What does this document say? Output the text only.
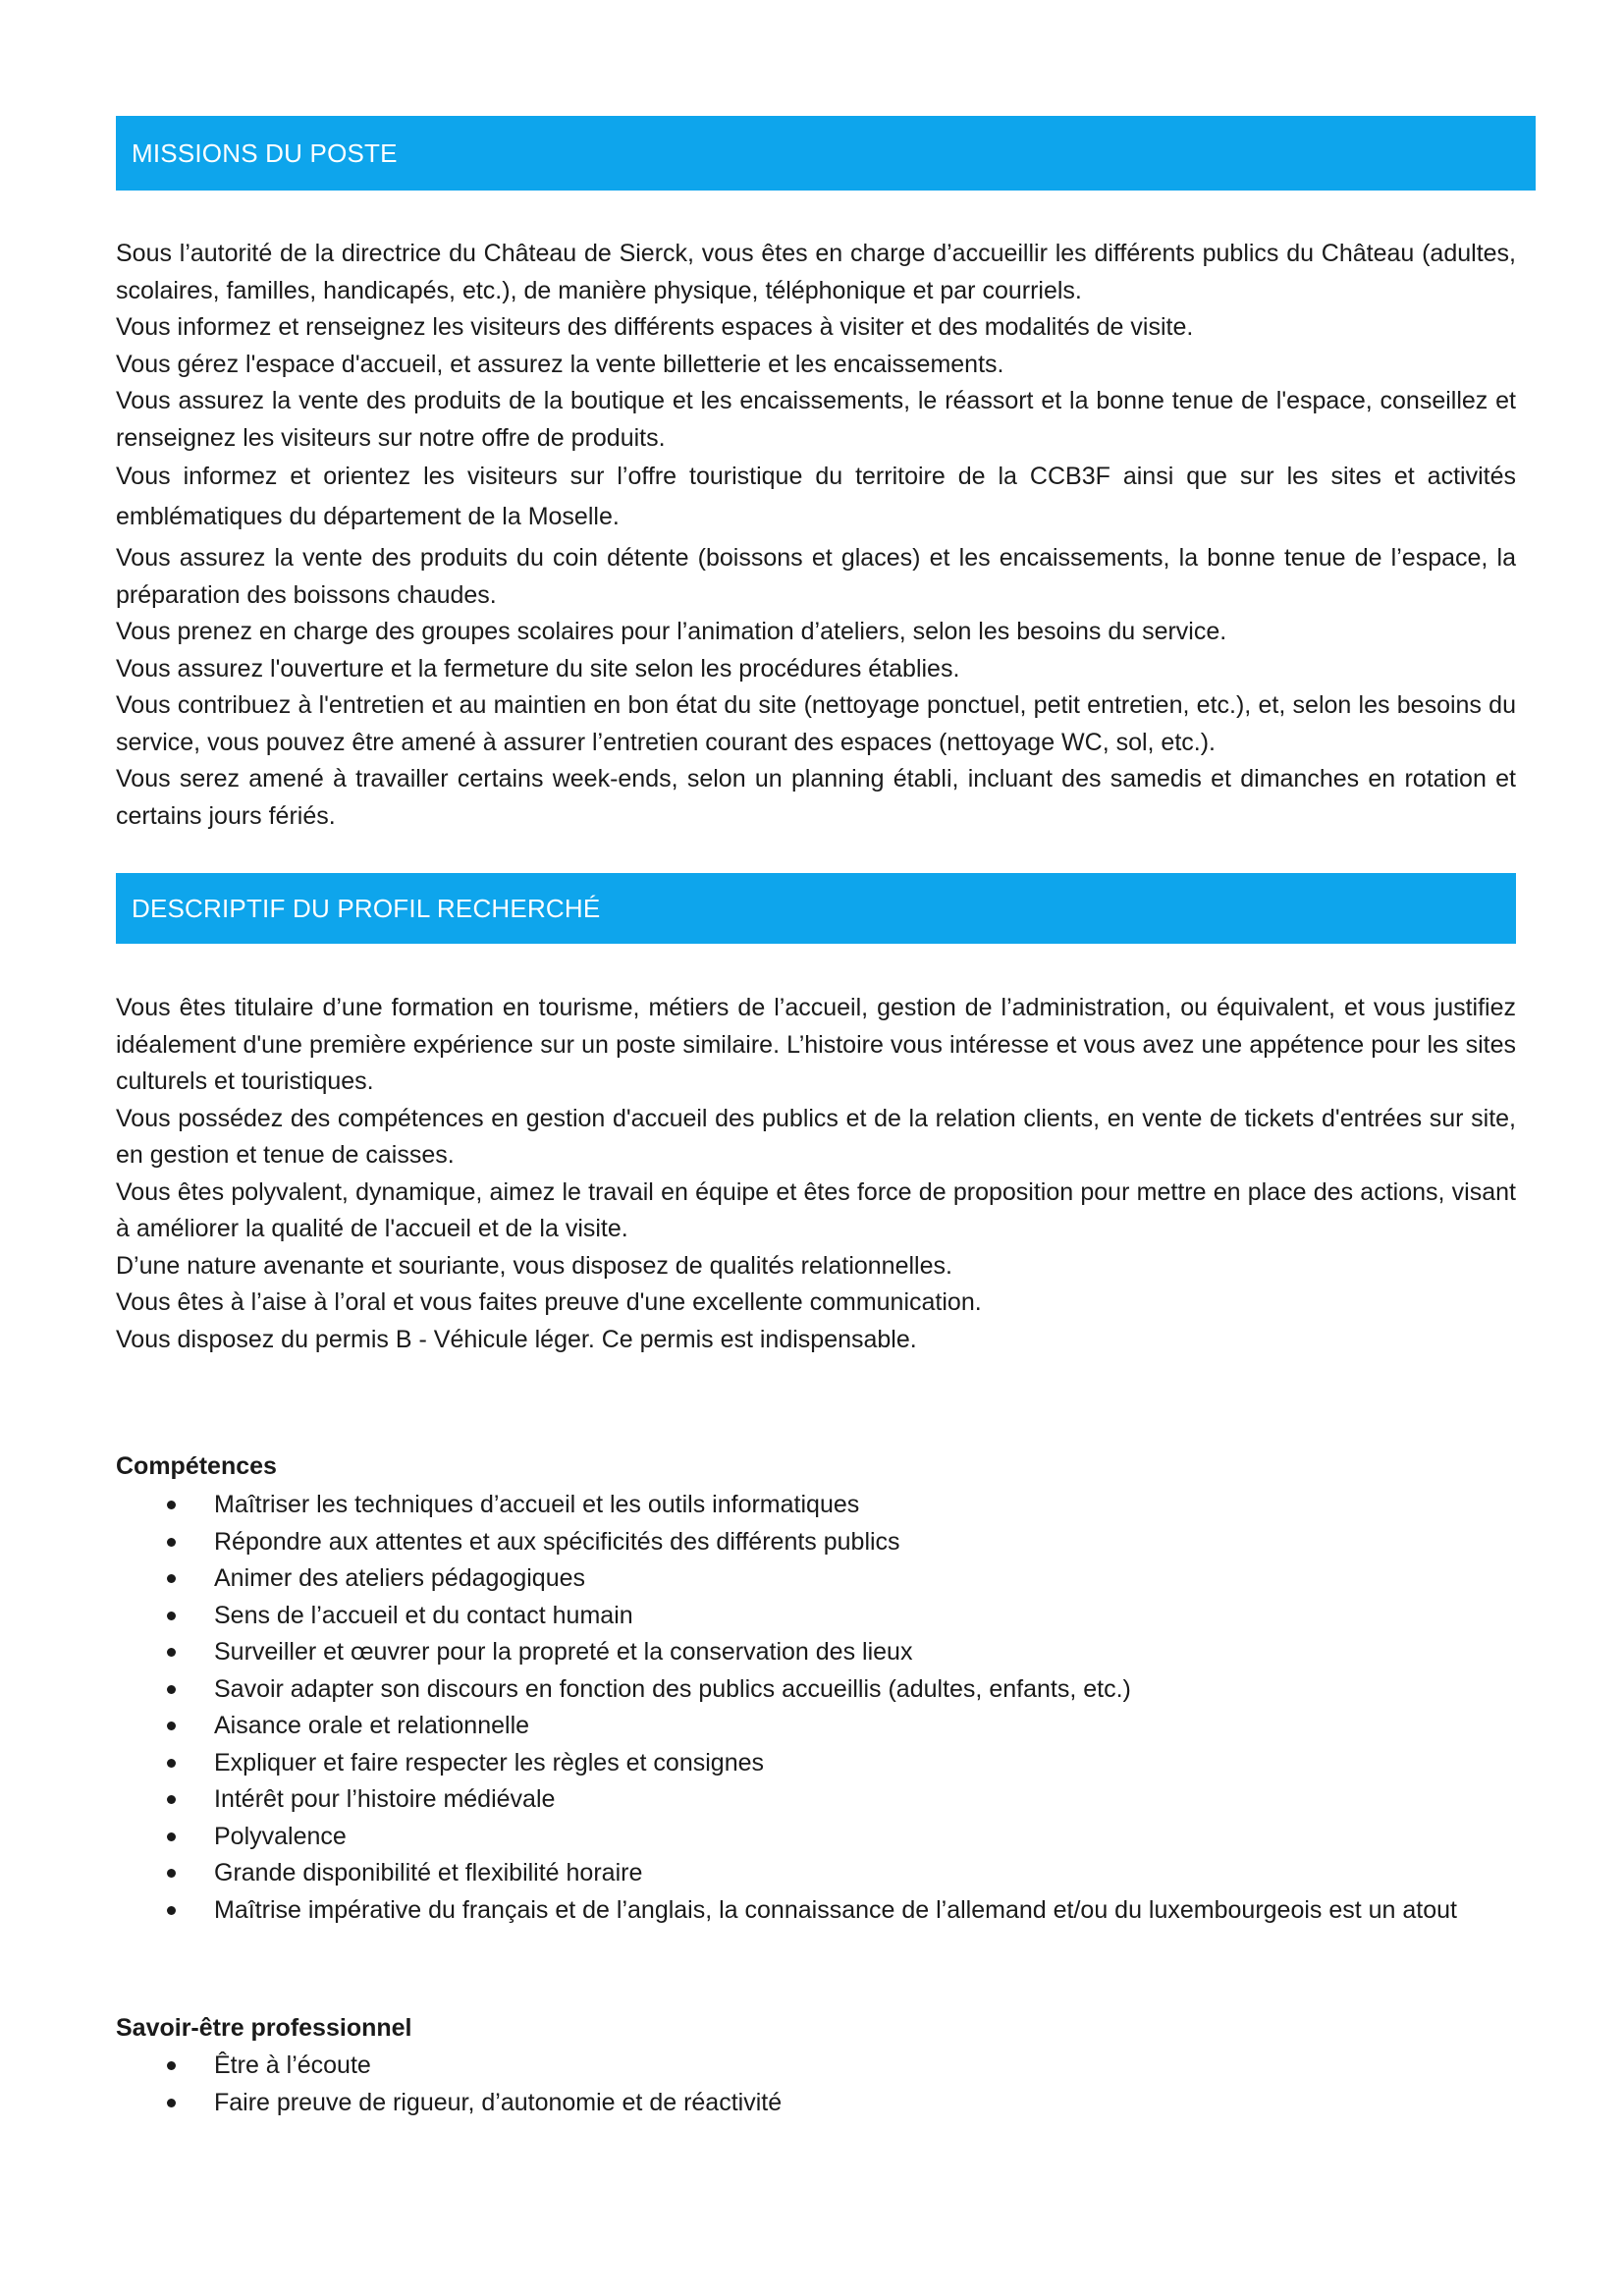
MISSIONS DU POSTE

Sous l’autorité de la directrice du Château de Sierck, vous êtes en charge d’accueillir les différents publics du Château (adultes, scolaires, familles, handicapés, etc.), de manière physique, téléphonique et par courriels.

Vous informez et renseignez les visiteurs des différents espaces à visiter et des modalités de visite.

Vous gérez l'espace d'accueil, et assurez la vente billetterie et les encaissements.

Vous assurez la vente des produits de la boutique et les encaissements, le réassort et la bonne tenue de l'espace, conseillez et renseignez les visiteurs sur notre offre de produits.

Vous informez et orientez les visiteurs sur l’offre touristique du territoire de la CCB3F ainsi que sur les sites et activités emblématiques du département de la Moselle.

Vous assurez la vente des produits du coin détente (boissons et glaces) et les encaissements, la bonne tenue de l’espace, la préparation des boissons chaudes.

Vous prenez en charge des groupes scolaires pour l’animation d’ateliers, selon les besoins du service.

Vous assurez l'ouverture et la fermeture du site selon les procédures établies.

Vous contribuez à l'entretien et au maintien en bon état du site (nettoyage ponctuel, petit entretien, etc.), et, selon les besoins du service, vous pouvez être amené à assurer l’entretien courant des espaces (nettoyage WC, sol, etc.).

Vous serez amené à travailler certains week-ends, selon un planning établi, incluant des samedis et dimanches en rotation et certains jours fériés.

DESCRIPTIF DU PROFIL RECHERCHÉ

Vous êtes titulaire d’une formation en tourisme, métiers de l’accueil, gestion de l’administration, ou équivalent, et vous justifiez idéalement d'une première expérience sur un poste similaire. L’histoire vous intéresse et vous avez une appétence pour les sites culturels et touristiques.

Vous possédez des compétences en gestion d'accueil des publics et de la relation clients, en vente de tickets d'entrées sur site, en gestion et tenue de caisses.

Vous êtes polyvalent, dynamique, aimez le travail en équipe et êtes force de proposition pour mettre en place des actions, visant à améliorer la qualité de l'accueil et de la visite.

D’une nature avenante et souriante, vous disposez de qualités relationnelles.

Vous êtes à l’aise à l’oral et vous faites preuve d'une excellente communication.

Vous disposez du permis B - Véhicule léger. Ce permis est indispensable.

Compétences

Maîtriser les techniques d’accueil et les outils informatiques
Répondre aux attentes et aux spécificités des différents publics
Animer des ateliers pédagogiques
Sens de l’accueil et du contact humain
Surveiller et œuvrer pour la propreté et la conservation des lieux
Savoir adapter son discours en fonction des publics accueillis (adultes, enfants, etc.)
Aisance orale et relationnelle
Expliquer et faire respecter les règles et consignes
Intérêt pour l’histoire médiévale
Polyvalence
Grande disponibilité et flexibilité horaire
Maîtrise impérative du français et de l’anglais, la connaissance de l’allemand et/ou du luxembourgeois est un atout

Savoir-être professionnel

Être à l’écoute
Faire preuve de rigueur, d’autonomie et de réactivité
